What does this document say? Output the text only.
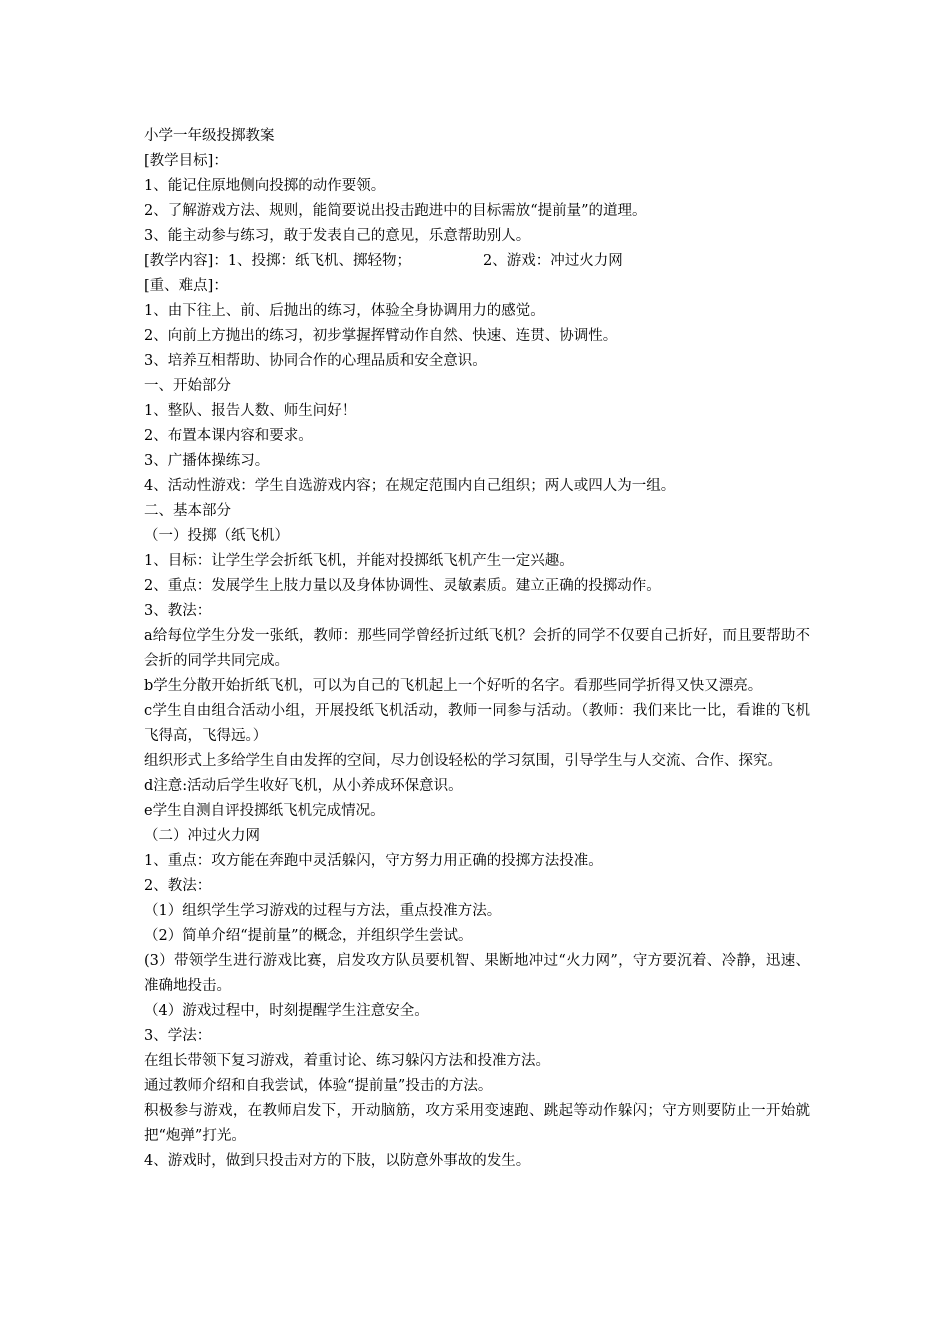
小学一年级投掷教案
[教学目标]：
1、能记住原地侧向投掷的动作要领。
2、了解游戏方法、规则，能简要说出投击跑进中的目标需放“提前量”的道理。
3、能主动参与练习，敢于发表自己的意见，乐意帮助别人。
[教学内容]：1、投掷：纸飞机、掷轻物；	2、游戏：冲过火力网
[重、难点]：
1、由下往上、前、后抛出的练习，体验全身协调用力的感觉。
2、向前上方抛出的练习，初步掌握挥臂动作自然、快速、连贯、协调性。
3、培养互相帮助、协同合作的心理品质和安全意识。
一、开始部分
1、整队、报告人数、师生问好！
2、布置本课内容和要求。
3、广播体操练习。
4、活动性游戏：学生自选游戏内容；在规定范围内自己组织；两人或四人为一组。
二、基本部分
（一）投掷（纸飞机）
1、目标：让学生学会折纸飞机，并能对投掷纸飞机产生一定兴趣。
2、重点：发展学生上肢力量以及身体协调性、灵敏素质。建立正确的投掷动作。
3、教法：
a给每位学生分发一张纸，教师：那些同学曾经折过纸飞机？会折的同学不仅要自己折好，而且要帮助不会折的同学共同完成。
b学生分散开始折纸飞机，可以为自己的飞机起上一个好听的名字。看那些同学折得又快又漂亮。
c学生自由组合活动小组，开展投纸飞机活动，教师一同参与活动。（教师：我们来比一比，看谁的飞机飞得高，飞得远。）
组织形式上多给学生自由发挥的空间，尽力创设轻松的学习氛围，引导学生与人交流、合作、探究。
d注意:活动后学生收好飞机，从小养成环保意识。
e学生自测自评投掷纸飞机完成情况。
（二）冲过火力网
1、重点：攻方能在奔跑中灵活躲闪，守方努力用正确的投掷方法投准。
2、教法：
（1）组织学生学习游戏的过程与方法，重点投准方法。
（2）简单介绍“提前量”的概念，并组织学生尝试。
(3）带领学生进行游戏比赛，启发攻方队员要机智、果断地冲过“火力网”，守方要沉着、冷静，迅速、准确地投击。
（4）游戏过程中，时刻提醒学生注意安全。
3、学法：
在组长带领下复习游戏，着重讨论、练习躲闪方法和投准方法。
通过教师介绍和自我尝试，体验“提前量”投击的方法。
积极参与游戏，在教师启发下，开动脑筋，攻方采用变速跑、跳起等动作躲闪；守方则要防止一开始就把“炮弹”打光。
4、游戏时，做到只投击对方的下肢，以防意外事故的发生。
